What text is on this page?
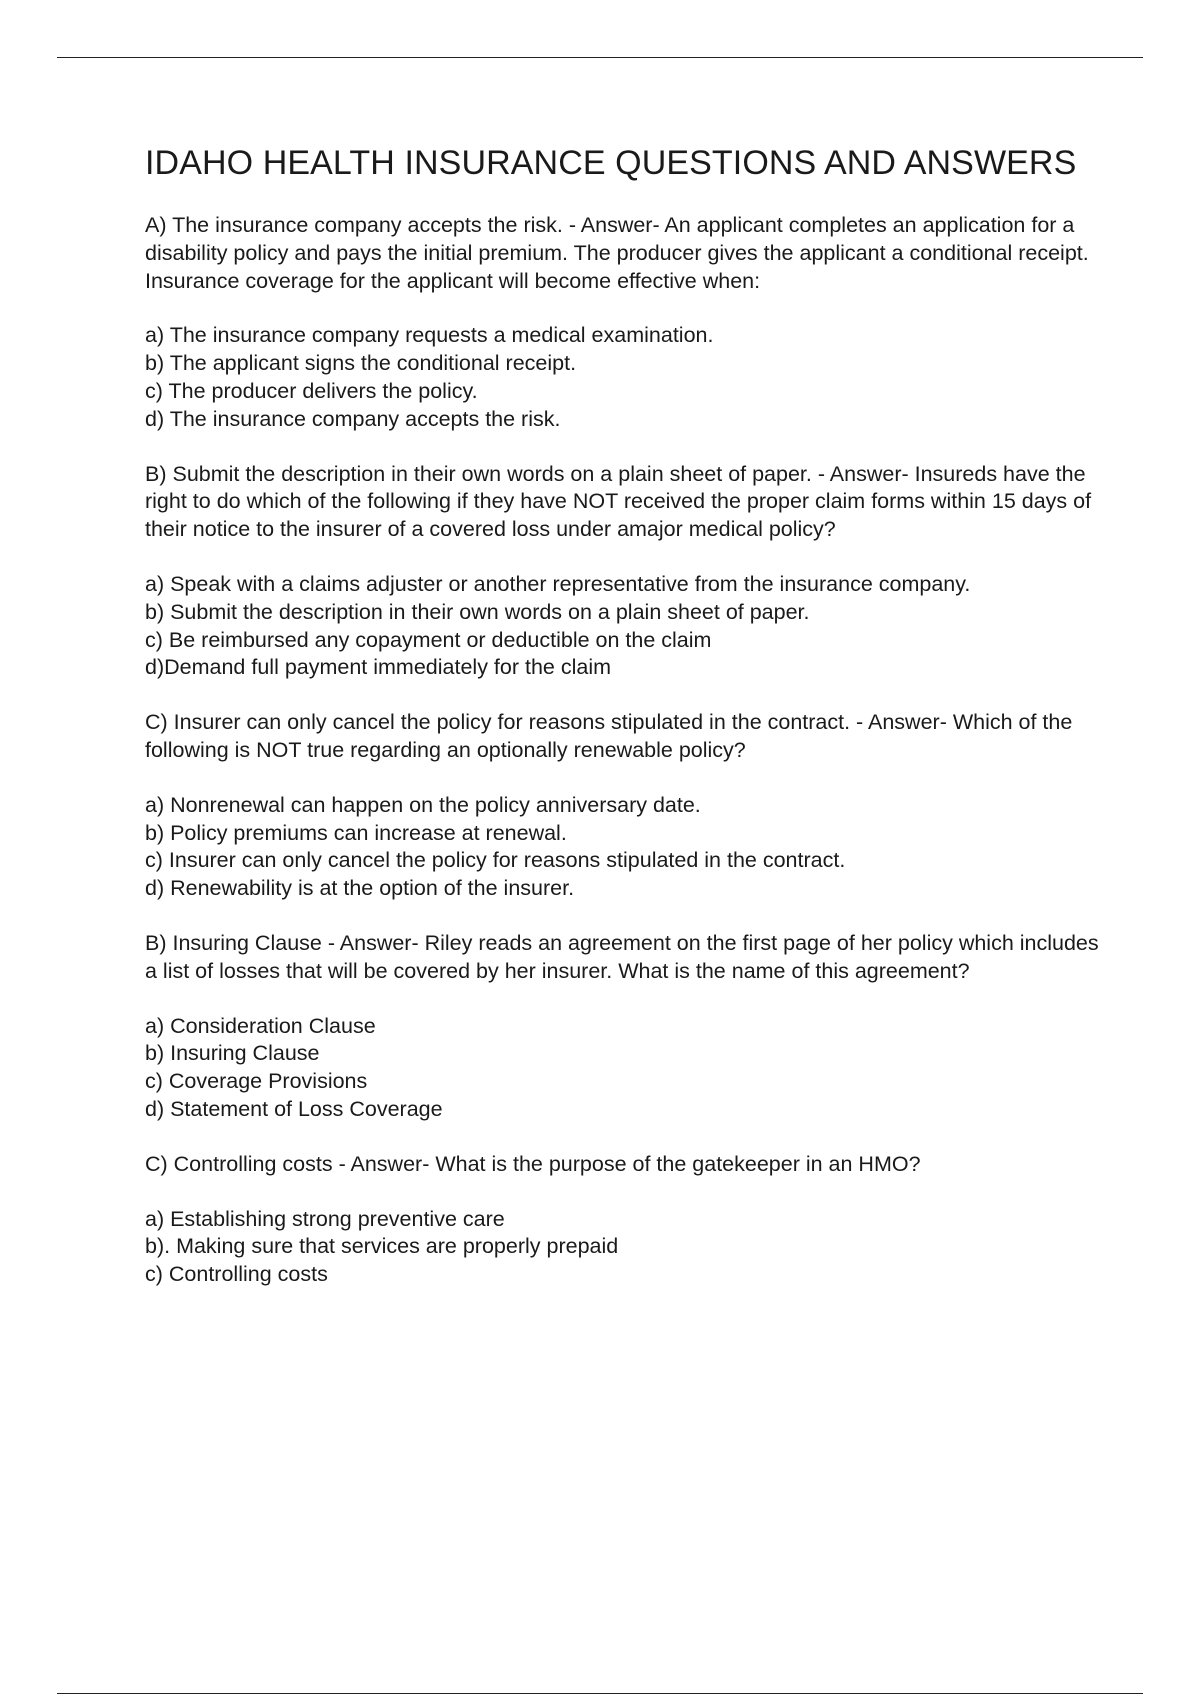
IDAHO HEALTH INSURANCE QUESTIONS AND ANSWERS

A) The insurance company accepts the risk. - Answer- An applicant completes an application for a disability policy and pays the initial premium. The producer gives the applicant a conditional receipt. Insurance coverage for the applicant will become effective when:

a) The insurance company requests a medical examination.
b) The applicant signs the conditional receipt.
c) The producer delivers the policy.
d) The insurance company accepts the risk.

B) Submit the description in their own words on a plain sheet of paper. - Answer- Insureds have the right to do which of the following if they have NOT received the proper claim forms within 15 days of their notice to the insurer of a covered loss under amajor medical policy?

a) Speak with a claims adjuster or another representative from the insurance company.
b) Submit the description in their own words on a plain sheet of paper.
c) Be reimbursed any copayment or deductible on the claim
d)Demand full payment immediately for the claim

C) Insurer can only cancel the policy for reasons stipulated in the contract. - Answer- Which of the following is NOT true regarding an optionally renewable policy?

a) Nonrenewal can happen on the policy anniversary date.
b) Policy premiums can increase at renewal.
c) Insurer can only cancel the policy for reasons stipulated in the contract.
d) Renewability is at the option of the insurer.

B) Insuring Clause - Answer- Riley reads an agreement on the first page of her policy which includes a list of losses that will be covered by her insurer. What is the name of this agreement?

a) Consideration Clause
b) Insuring Clause
c) Coverage Provisions
d) Statement of Loss Coverage

C) Controlling costs - Answer- What is the purpose of the gatekeeper in an HMO?

a) Establishing strong preventive care
b). Making sure that services are properly prepaid
c) Controlling costs
